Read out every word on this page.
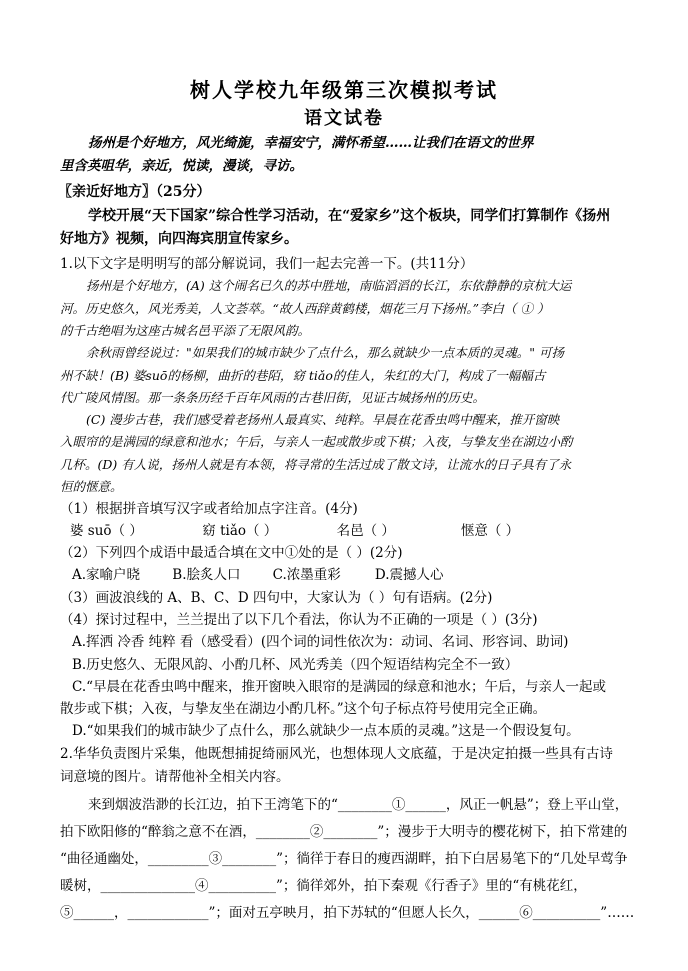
树人学校九年级第三次模拟考试
语文试卷
扬州是个好地方，风光绮旎，幸福安宁，满怀希望……让我们在语文的世界
里含英咀华，亲近，悦读，漫谈，寻访。
〖亲近好地方〗（25分）
学校开展“天下国家”综合性学习活动，在“爱家乡”这个板块，同学们打算制作《扬州
好地方》视频，向四海宾朋宣传家乡。
1.以下文字是明明写的部分解说词，我们一起去完善一下。(共11分）
扬州是个好地方，(A) 这个闹名已久的苏中胜地，南临滔滔的长江，东依静静的京杭大运
河。历史悠久，风光秀美，人文荟萃。“故人西辞黄鹤楼，烟花三月下扬州。”李白（ ① ）
的千古绝唱为这座古城名邑平添了无限风韵。
余秋雨曾经说过："如果我们的城市缺少了点什么，那么就缺少一点本质的灵魂。" 可扬
州不缺！(B) 婆suō的杨柳，曲折的巷陌，窈 tiǎo的佳人，朱红的大门，构成了一幅幅古
代广陵风情图。那一条条历经千百年风雨的古巷旧街，见证古城扬州的历史。
(C) 漫步古巷，我们感受着老扬州人最真实、纯粹。早晨在花香虫鸣中醒来，推开窗映
入眼帘的是满园的绿意和池水；午后，与亲人一起或散步或下棋；入夜，与挚友坐在湖边小酌
几杯。(D) 有人说，扬州人就是有本领，将寻常的生活过成了散文诗，让流水的日子具有了永
恒的惬意。
（1）根据拼音填写汉字或者给加点字注音。(4分)
婆 suō（ ）	窈 tiǎo（ ）	名邑（ ）	惬意（ ）
（2）下列四个成语中最适合填在文中①处的是（ ）(2分)
A.家喻户晓 B.脍炙人口 C.浓墨重彩	D.震撼人心
（3）画波浪线的 A、B、C、D 四句中，大家认为（ ）句有语病。(2分)
（4）探讨过程中，兰兰提出了以下几个看法，你认为不正确的一项是（ ）(3分)
A.挥洒 冷香 纯粹 看（感受看）(四个词的词性依次为：动词、名词、形容词、助词)
B.历史悠久、无限风韵、小酌几杯、风光秀美（四个短语结构完全不一致）
C.“早晨在花香虫鸣中醒来，推开窗映入眼帘的是满园的绿意和池水；午后，与亲人一起或
散步或下棋；入夜，与挚友坐在湖边小酌几杯。”这个句子标点符号使用完全正确。
D.“如果我们的城市缺少了点什么，那么就缺少一点本质的灵魂。”这是一个假设复句。
2.华华负责图片采集，他既想捕捉绮丽风光，也想体现人文底蕴，于是决定拍摄一些具有古诗
词意境的图片。请帮他补全相关内容。
来到烟波浩渺的长江边，拍下王湾笔下的“________①______，风正一帆悬”；登上平山堂，
拍下欧阳修的“醉翁之意不在酒，________②________”；漫步于大明寺的樱花树下，拍下常建的
“曲径通幽处，_________③________”；徜徉于春日的瘦西湖畔，拍下白居易笔下的“几处早莺争
暖树，______________④__________”；徜徉郊外，拍下秦观《行香子》里的“有桃花红，
⑤______，____________”；面对五亭映月，拍下苏轼的“但愿人长久，______⑥__________”……
